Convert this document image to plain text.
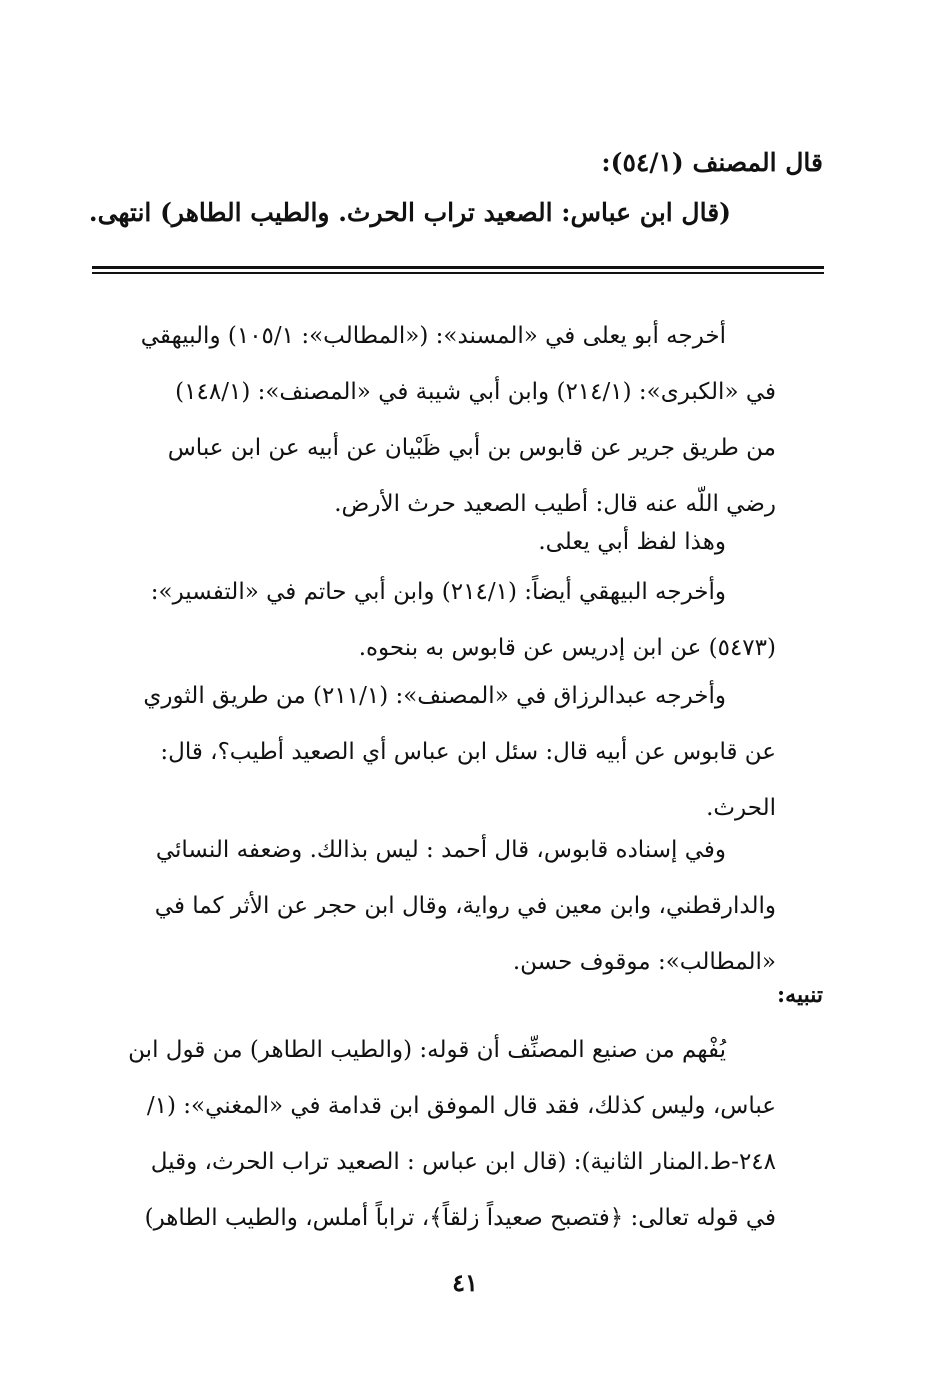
قال المصنف (٥٤/١):
(قال ابن عباس: الصعيد تراب الحرث. والطيب الطاهر) انتهى.
أخرجه أبو يعلى في «المسند»: («المطالب»: ١٠٥/١) والبيهقي
في «الكبرى»: (٢١٤/١) وابن أبي شيبة في «المصنف»: (١٤٨/١)
من طريق جرير عن قابوس بن أبي ظَبْيان عن أبيه عن ابن عباس
رضي اللّه عنه قال: أطيب الصعيد حرث الأرض.
وهذا لفظ أبي يعلى.
وأخرجه البيهقي أيضاً: (٢١٤/١) وابن أبي حاتم في «التفسير»:
(٥٤٧٣) عن ابن إدريس عن قابوس به بنحوه.
وأخرجه عبدالرزاق في «المصنف»: (٢١١/١) من طريق الثوري
عن قابوس عن أبيه قال: سئل ابن عباس أي الصعيد أطيب؟، قال:
الحرث.
وفي إسناده قابوس، قال أحمد : ليس بذالك. وضعفه النسائي
والدارقطني، وابن معين في رواية، وقال ابن حجر عن الأثر كما في
«المطالب»: موقوف حسن.
تنبيه:
يُفْهم من صنيع المصنِّف أن قوله: (والطيب الطاهر) من قول ابن
عباس، وليس كذلك، فقد قال الموفق ابن قدامة في «المغني»: (١/
٢٤٨-ط.المنار الثانية): (قال ابن عباس : الصعيد تراب الحرث، وقيل
في قوله تعالى: ﴿فتصبح صعيداً زلقاً﴾، تراباً أملس، والطيب الطاهر)
٤١
